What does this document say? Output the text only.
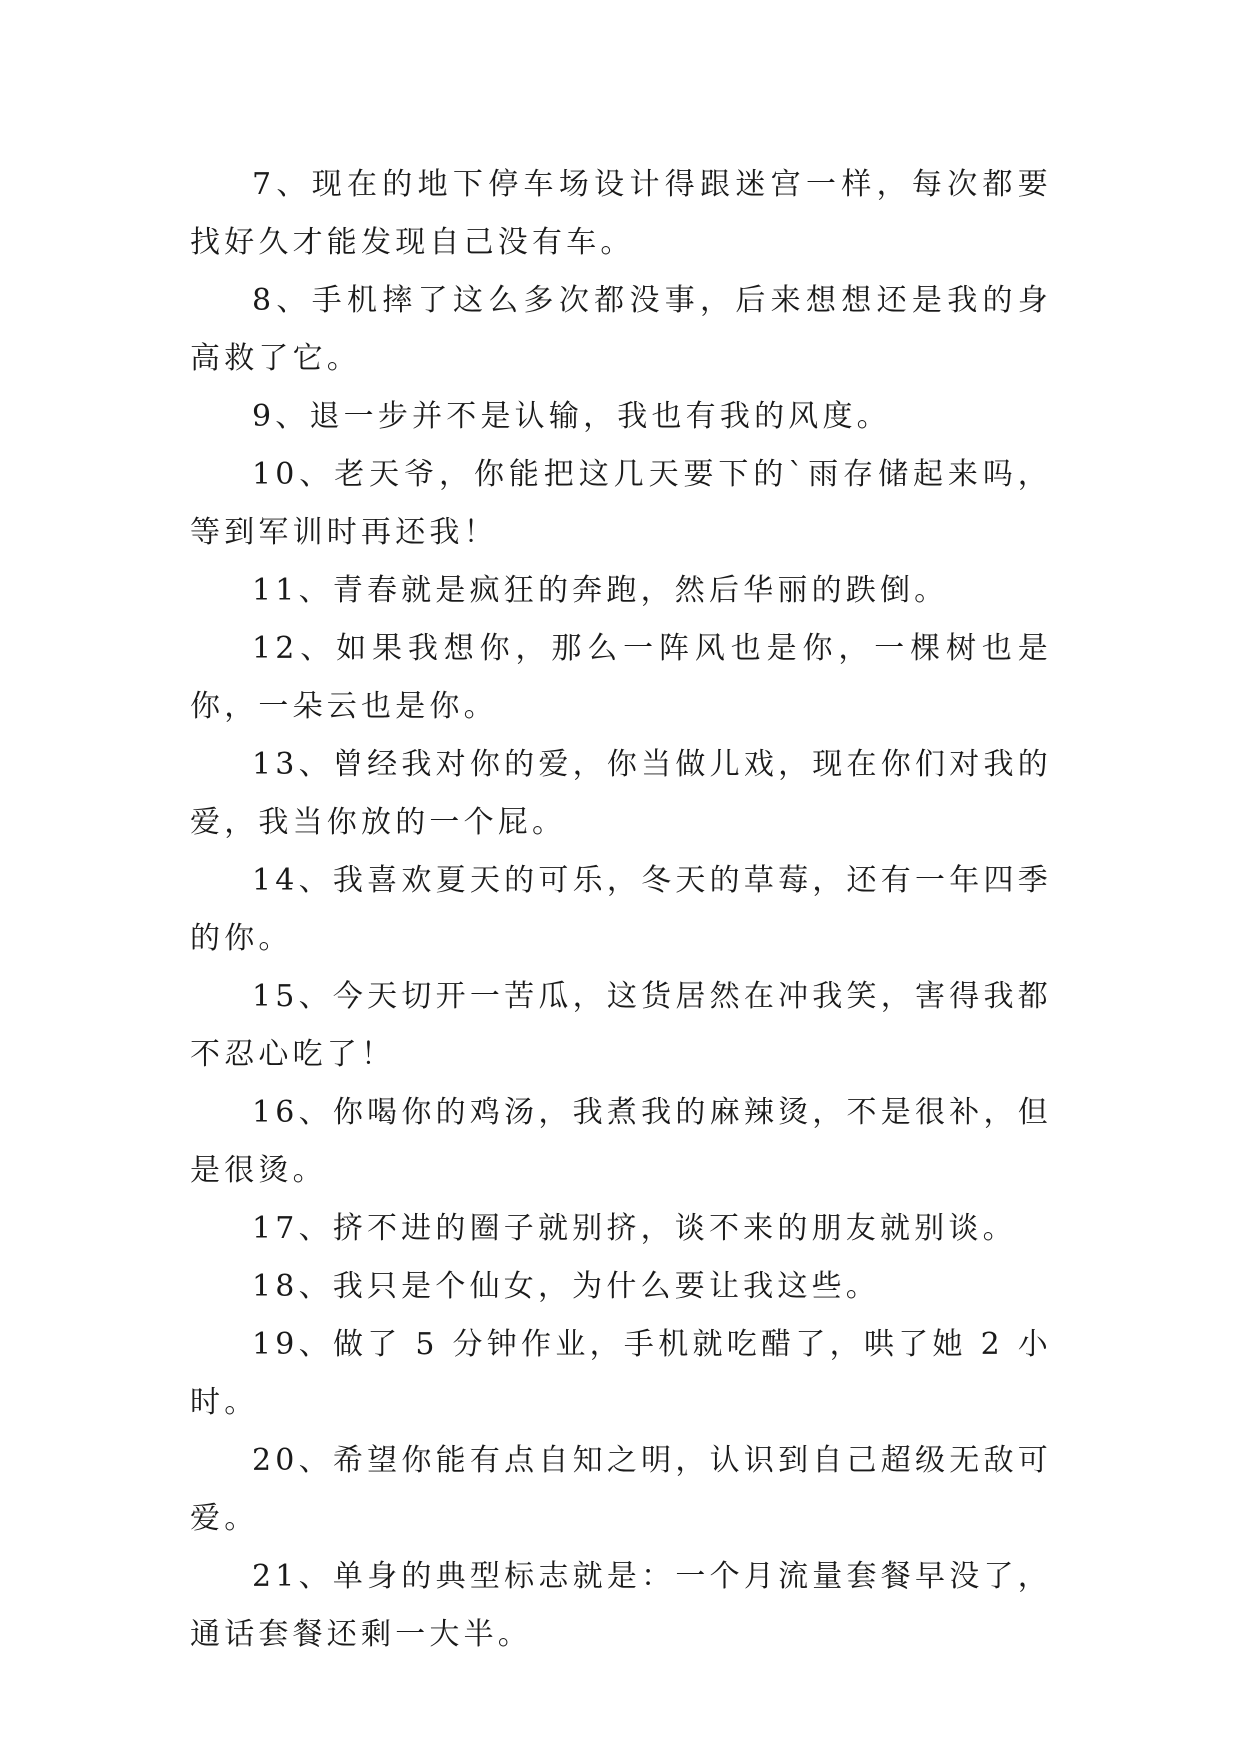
7、现在的地下停车场设计得跟迷宫一样，每次都要找好久才能发现自己没有车。

8、手机摔了这么多次都没事，后来想想还是我的身高救了它。

9、退一步并不是认输，我也有我的风度。

10、老天爷，你能把这几天要下的`雨存储起来吗，等到军训时再还我！

11、青春就是疯狂的奔跑，然后华丽的跌倒。

12、如果我想你，那么一阵风也是你，一棵树也是你，一朵云也是你。

13、曾经我对你的爱，你当做儿戏，现在你们对我的爱，我当你放的一个屁。

14、我喜欢夏天的可乐，冬天的草莓，还有一年四季的你。

15、今天切开一苦瓜，这货居然在冲我笑，害得我都不忍心吃了！

16、你喝你的鸡汤，我煮我的麻辣烫，不是很补，但是很烫。

17、挤不进的圈子就别挤，谈不来的朋友就别谈。

18、我只是个仙女，为什么要让我这些。

19、做了 5 分钟作业，手机就吃醋了，哄了她 2 小时。

20、希望你能有点自知之明，认识到自己超级无敌可爱。

21、单身的典型标志就是：一个月流量套餐早没了，通话套餐还剩一大半。
